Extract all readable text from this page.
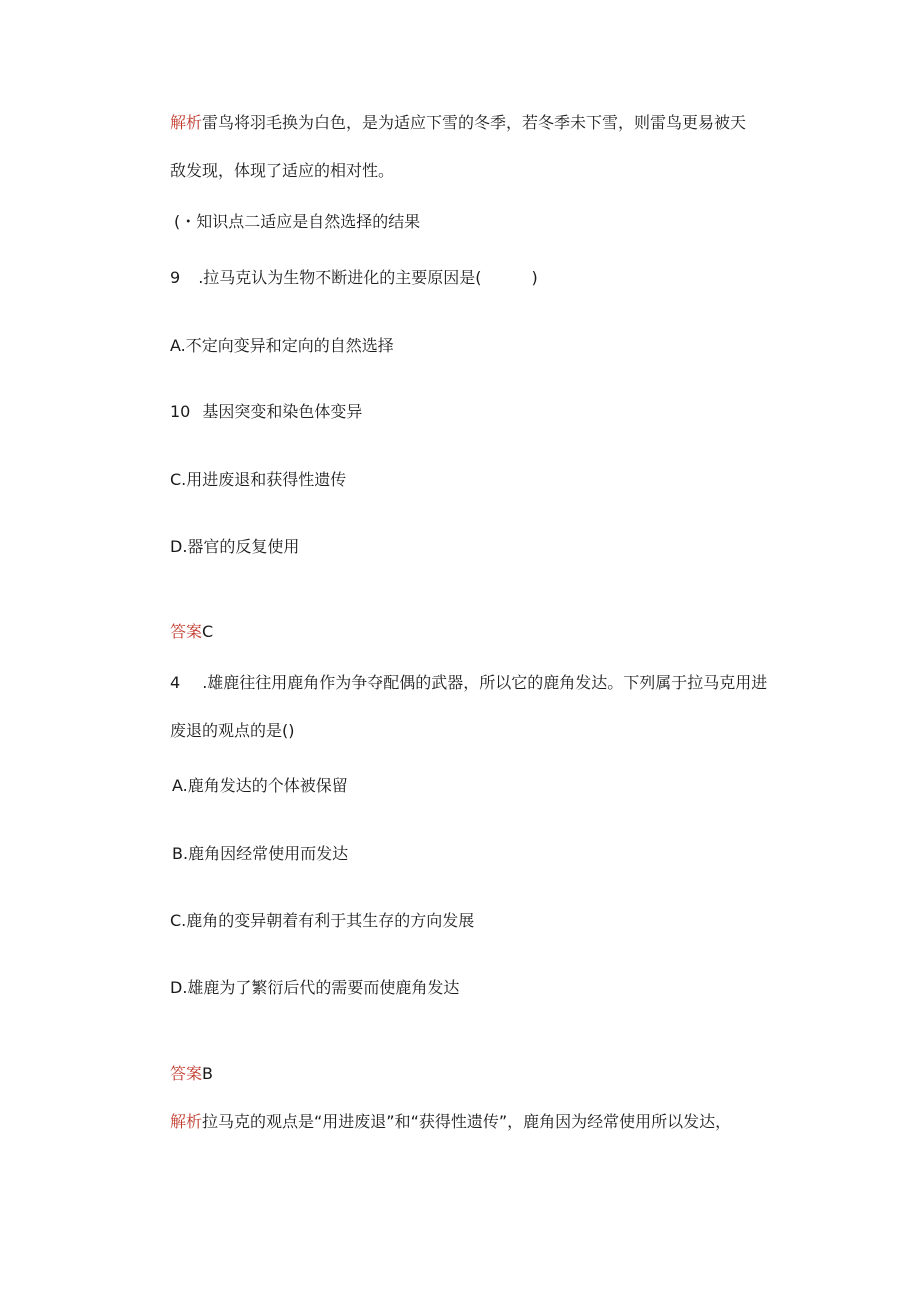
解析雷鸟将羽毛换为白色，是为适应下雪的冬季，若冬季未下雪，则雷鸟更易被天
敌发现，体现了适应的相对性。
(・知识点二适应是自然选择的结果
9 .拉马克认为生物不断进化的主要原因是(	)
A.不定向变异和定向的自然选择
10 基因突变和染色体变异
C.用进废退和获得性遗传
D.器官的反复使用
答案C
4 .雄鹿往往用鹿角作为争夺配偶的武器，所以它的鹿角发达。下列属于拉马克用进
废退的观点的是()
A.鹿角发达的个体被保留
B.鹿角因经常使用而发达
C.鹿角的变异朝着有利于其生存的方向发展
D.雄鹿为了繁衍后代的需要而使鹿角发达
答案B
解析拉马克的观点是“用进废退”和“获得性遗传”，鹿角因为经常使用所以发达，
